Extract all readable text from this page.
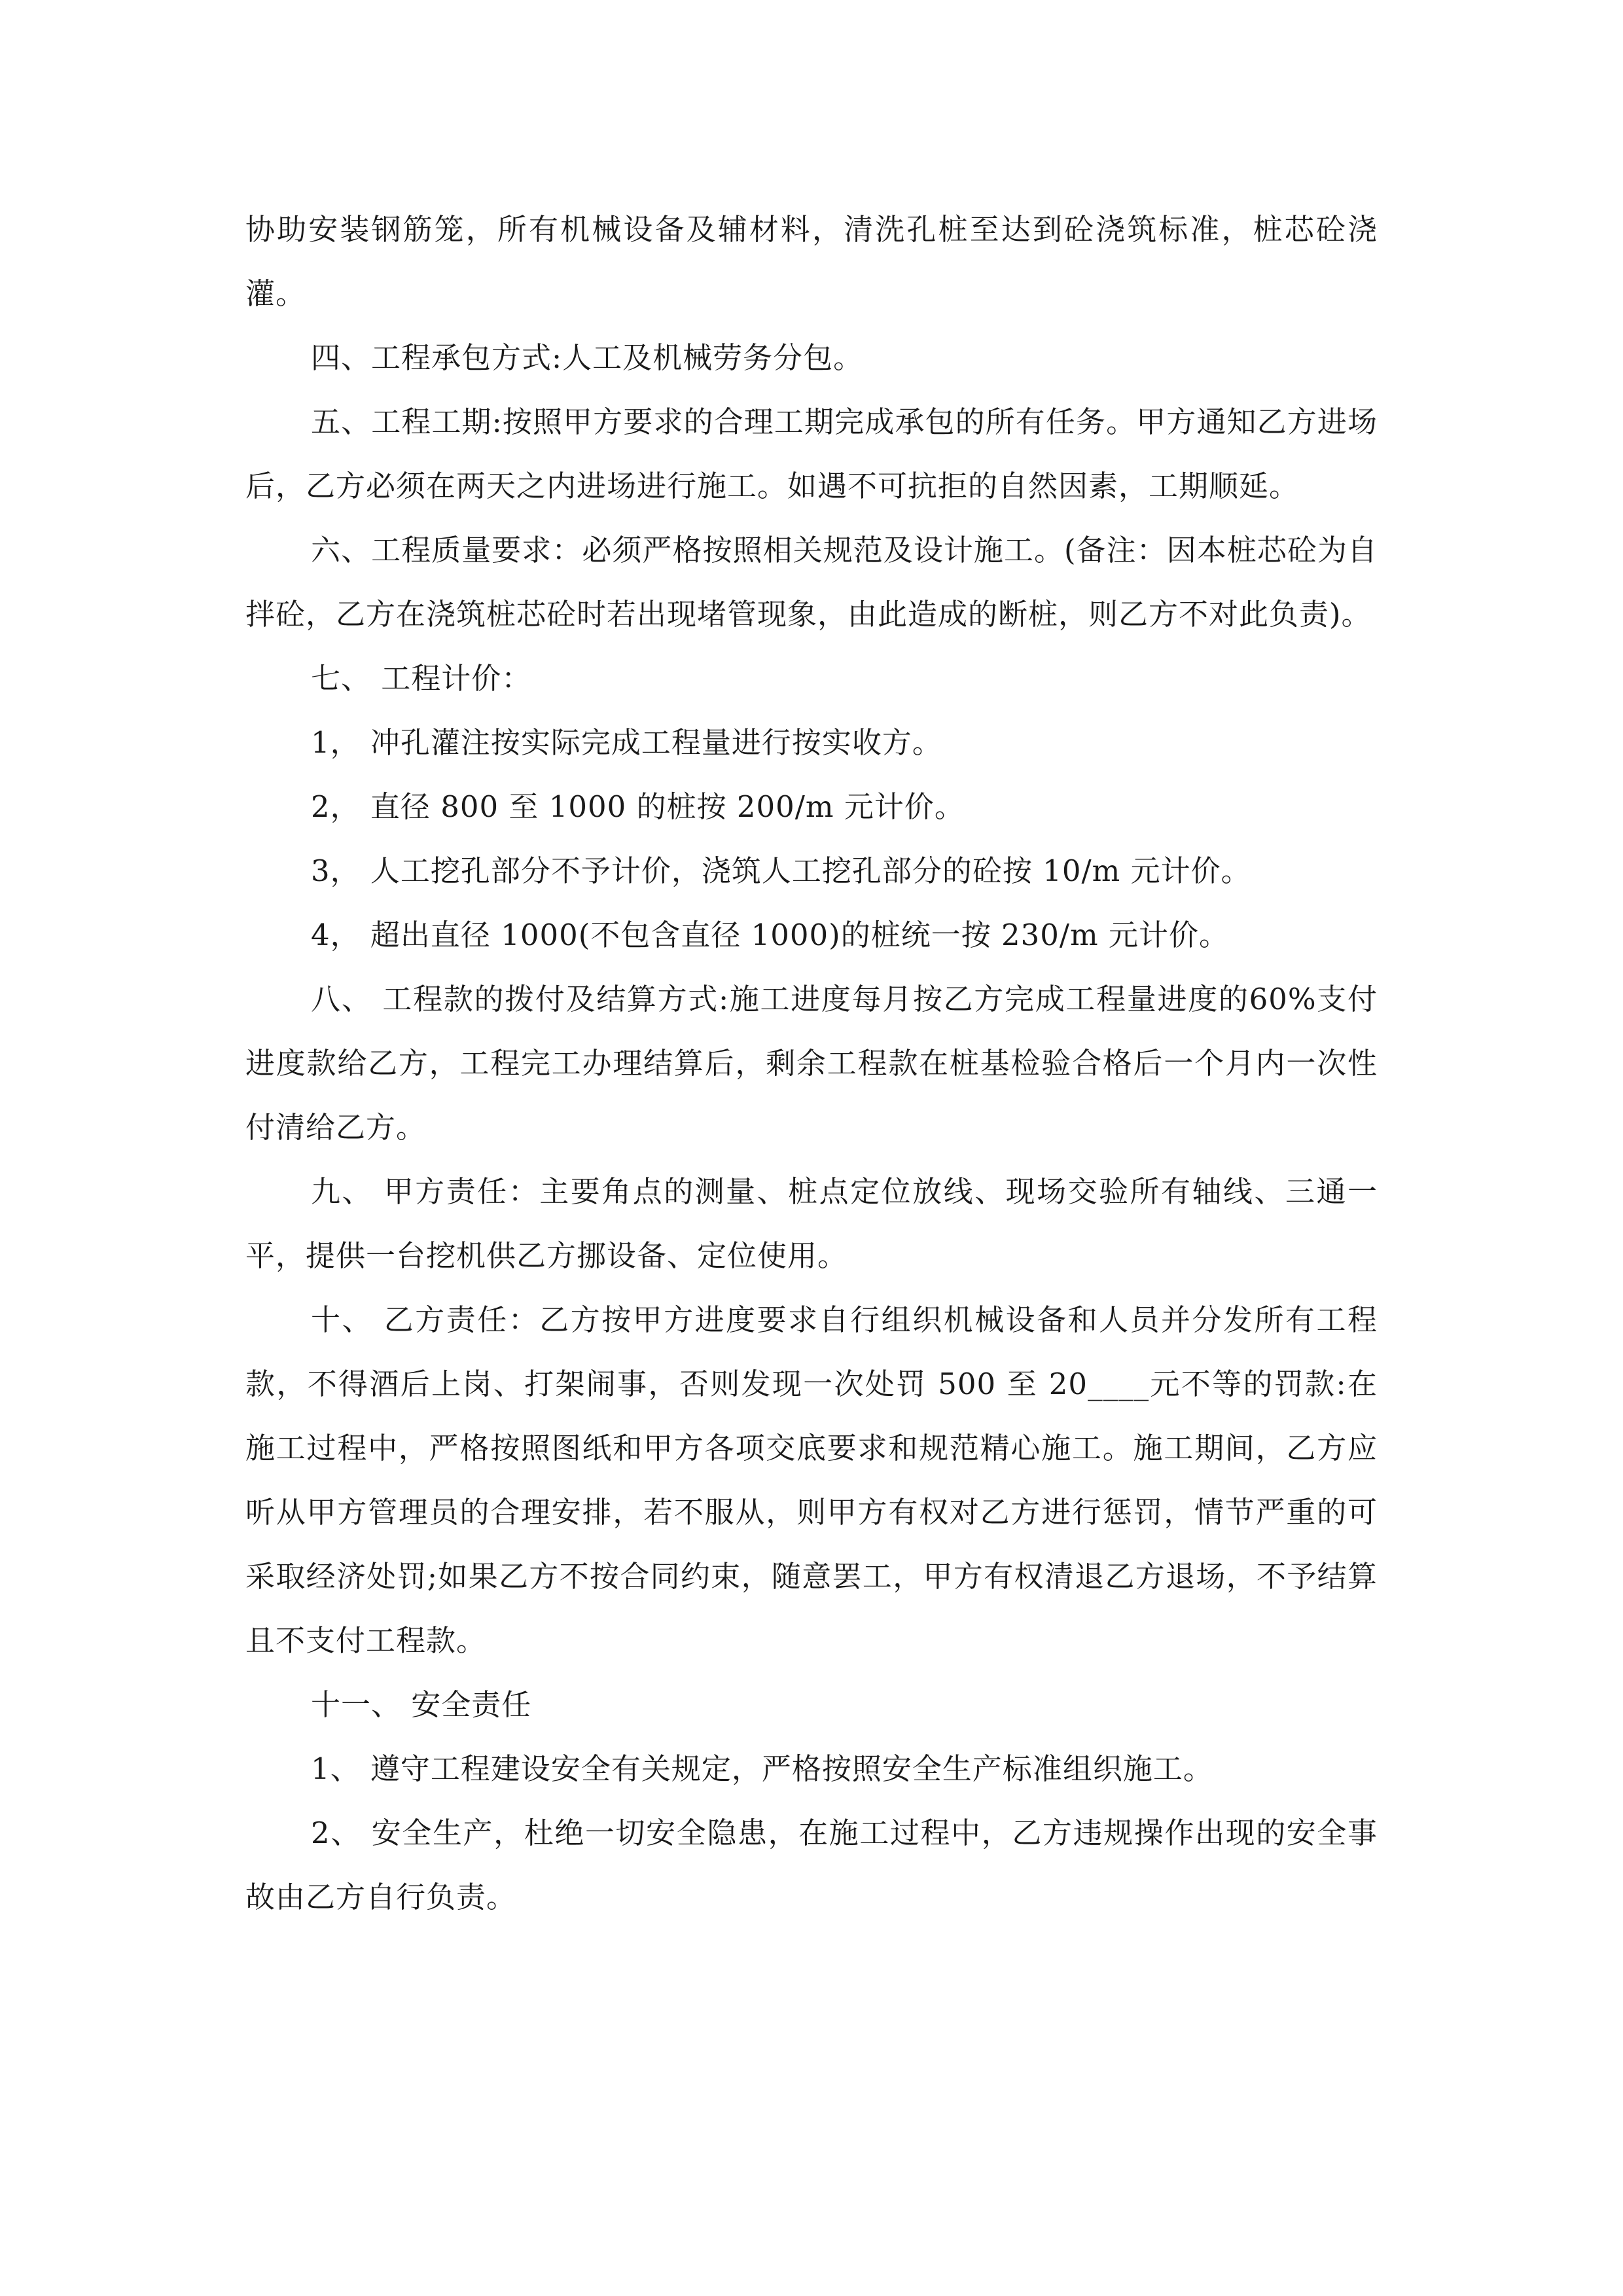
协助安装钢筋笼，所有机械设备及辅材料，清洗孔桩至达到砼浇筑标准，桩芯砼浇灌。

四、工程承包方式:人工及机械劳务分包。

五、工程工期:按照甲方要求的合理工期完成承包的所有任务。甲方通知乙方进场后，乙方必须在两天之内进场进行施工。如遇不可抗拒的自然因素，工期顺延。

六、工程质量要求：必须严格按照相关规范及设计施工。(备注：因本桩芯砼为自拌砼，乙方在浇筑桩芯砼时若出现堵管现象，由此造成的断桩，则乙方不对此负责)。

七、 工程计价：

1， 冲孔灌注按实际完成工程量进行按实收方。

2， 直径 800 至 1000 的桩按 200/m 元计价。

3， 人工挖孔部分不予计价，浇筑人工挖孔部分的砼按 10/m 元计价。

4， 超出直径 1000(不包含直径 1000)的桩统一按 230/m 元计价。

八、 工程款的拨付及结算方式:施工进度每月按乙方完成工程量进度的60%支付进度款给乙方，工程完工办理结算后，剩余工程款在桩基检验合格后一个月内一次性付清给乙方。

九、 甲方责任：主要角点的测量、桩点定位放线、现场交验所有轴线、三通一平，提供一台挖机供乙方挪设备、定位使用。

十、 乙方责任：乙方按甲方进度要求自行组织机械设备和人员并分发所有工程款，不得酒后上岗、打架闹事，否则发现一次处罚 500 至 20____元不等的罚款:在施工过程中，严格按照图纸和甲方各项交底要求和规范精心施工。施工期间，乙方应听从甲方管理员的合理安排，若不服从，则甲方有权对乙方进行惩罚，情节严重的可采取经济处罚;如果乙方不按合同约束，随意罢工，甲方有权清退乙方退场，不予结算且不支付工程款。

十一、 安全责任

1、 遵守工程建设安全有关规定，严格按照安全生产标准组织施工。

2、 安全生产，杜绝一切安全隐患，在施工过程中，乙方违规操作出现的安全事故由乙方自行负责。
